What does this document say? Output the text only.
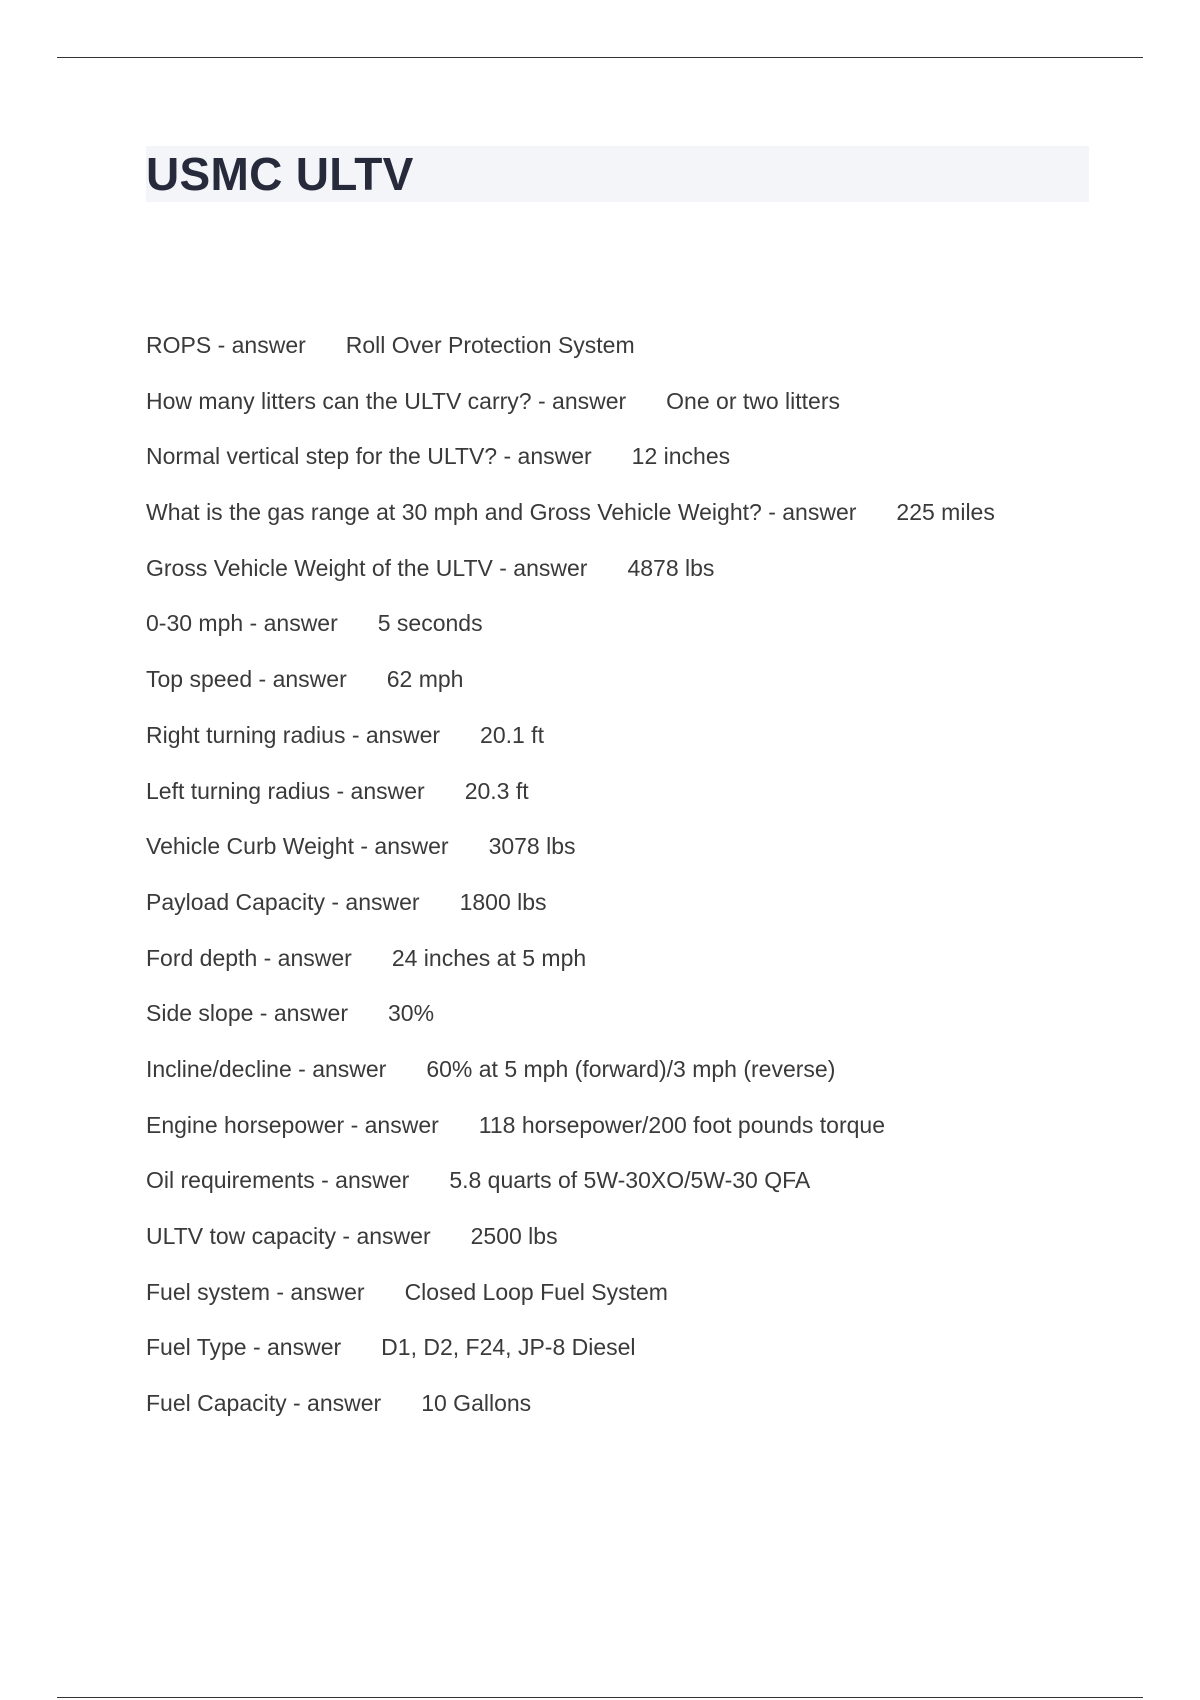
USMC ULTV
ROPS - answer Roll Over Protection System
How many litters can the ULTV carry? - answer One or two litters
Normal vertical step for the ULTV? - answer 12 inches
What is the gas range at 30 mph and Gross Vehicle Weight? - answer 225 miles
Gross Vehicle Weight of the ULTV - answer 4878 lbs
0-30 mph - answer 5 seconds
Top speed - answer 62 mph
Right turning radius - answer 20.1 ft
Left turning radius - answer 20.3 ft
Vehicle Curb Weight - answer 3078 lbs
Payload Capacity - answer 1800 lbs
Ford depth - answer 24 inches at 5 mph
Side slope - answer 30%
Incline/decline - answer 60% at 5 mph (forward)/3 mph (reverse)
Engine horsepower - answer 118 horsepower/200 foot pounds torque
Oil requirements - answer 5.8 quarts of 5W-30XO/5W-30 QFA
ULTV tow capacity - answer 2500 lbs
Fuel system - answer Closed Loop Fuel System
Fuel Type - answer D1, D2, F24, JP-8 Diesel
Fuel Capacity - answer 10 Gallons
